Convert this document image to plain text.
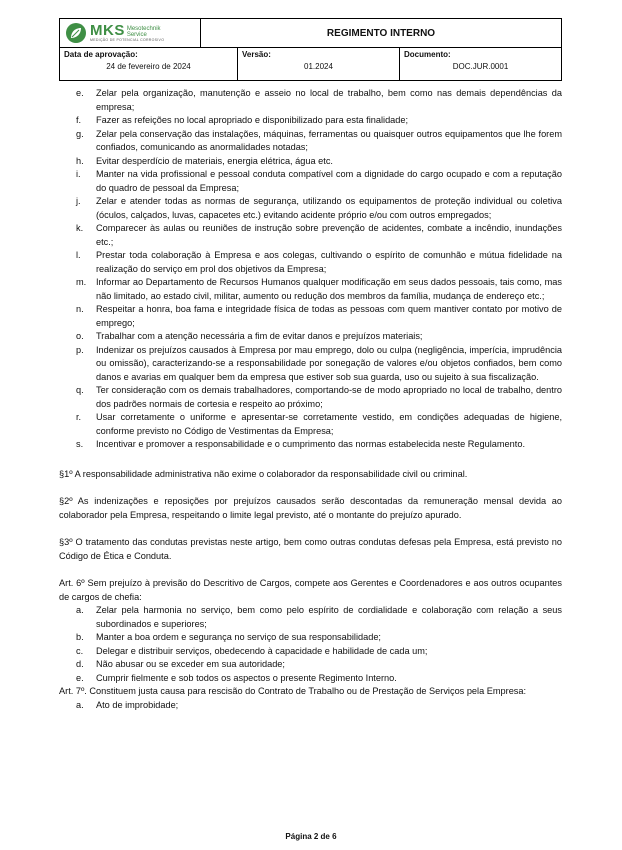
MKS Mesotechnik
Service
MEDIÇÃO DE POTENCIAL CORROSIVO
REGIMENTO INTERNO
Data de aprovação:
24 de fevereiro de 2024
Versão:
01.2024
Documento:
DOC.JUR.0001
e.	Zelar pela organização, manutenção e asseio no local de trabalho, bem como nas demais dependências da empresa;
f.	Fazer as refeições no local apropriado e disponibilizado para esta finalidade;
g.	Zelar pela conservação das instalações, máquinas, ferramentas ou quaisquer outros equipamentos que lhe forem confiados, comunicando as anormalidades notadas;
h.	Evitar desperdício de materiais, energia elétrica, água etc.
i.	Manter na vida profissional e pessoal conduta compatível com a dignidade do cargo ocupado e com a reputação do quadro de pessoal da Empresa;
j.	Zelar e atender todas as normas de segurança, utilizando os equipamentos de proteção individual ou coletiva (óculos, calçados, luvas, capacetes etc.) evitando acidente próprio e/ou com outros empregados;
k.	Comparecer às aulas ou reuniões de instrução sobre prevenção de acidentes, combate a incêndio, inundações etc.;
l.	Prestar toda colaboração à Empresa e aos colegas, cultivando o espírito de comunhão e mútua fidelidade na realização do serviço em prol dos objetivos da Empresa;
m.	Informar ao Departamento de Recursos Humanos qualquer modificação em seus dados pessoais, tais como, mas não limitado, ao estado civil, militar, aumento ou redução dos membros da família, mudança de endereço etc.;
n.	Respeitar a honra, boa fama e integridade física de todas as pessoas com quem mantiver contato por motivo de emprego;
o.	Trabalhar com a atenção necessária a fim de evitar danos e prejuízos materiais;
p.	Indenizar os prejuízos causados à Empresa por mau emprego, dolo ou culpa (negligência, imperícia, imprudência ou omissão), caracterizando-se a responsabilidade por sonegação de valores e/ou objetos confiados, bem como danos e avarias em qualquer bem da empresa que estiver sob sua guarda, uso ou sujeito à sua fiscalização.
q.	Ter consideração com os demais trabalhadores, comportando-se de modo apropriado no local de trabalho, dentro dos padrões normais de cortesia e respeito ao próximo;
r.	Usar corretamente o uniforme e apresentar-se corretamente vestido, em condições adequadas de higiene, conforme previsto no Código de Vestimentas da Empresa;
s.	Incentivar e promover a responsabilidade e o cumprimento das normas estabelecida neste Regulamento.

§1º A responsabilidade administrativa não exime o colaborador da responsabilidade civil ou criminal.

§2º As indenizações e reposições por prejuízos causados serão descontadas da remuneração mensal devida ao colaborador pela Empresa, respeitando o limite legal previsto, até o montante do prejuízo apurado.

§3º O tratamento das condutas previstas neste artigo, bem como outras condutas defesas pela Empresa, está previsto no Código de Ética e Conduta.

Art. 6º Sem prejuízo à previsão do Descritivo de Cargos, compete aos Gerentes e Coordenadores e aos outros ocupantes de cargos de chefia:

a.	Zelar pela harmonia no serviço, bem como pelo espírito de cordialidade e colaboração com relação a seus subordinados e superiores;
b.	Manter a boa ordem e segurança no serviço de sua responsabilidade;
c.	Delegar e distribuir serviços, obedecendo à capacidade e habilidade de cada um;
d.	Não abusar ou se exceder em sua autoridade;
e.	Cumprir fielmente e sob todos os aspectos o presente Regimento Interno.

Art. 7º. Constituem justa causa para rescisão do Contrato de Trabalho ou de Prestação de Serviços pela Empresa:

a.	Ato de improbidade;
Página 2 de 6
